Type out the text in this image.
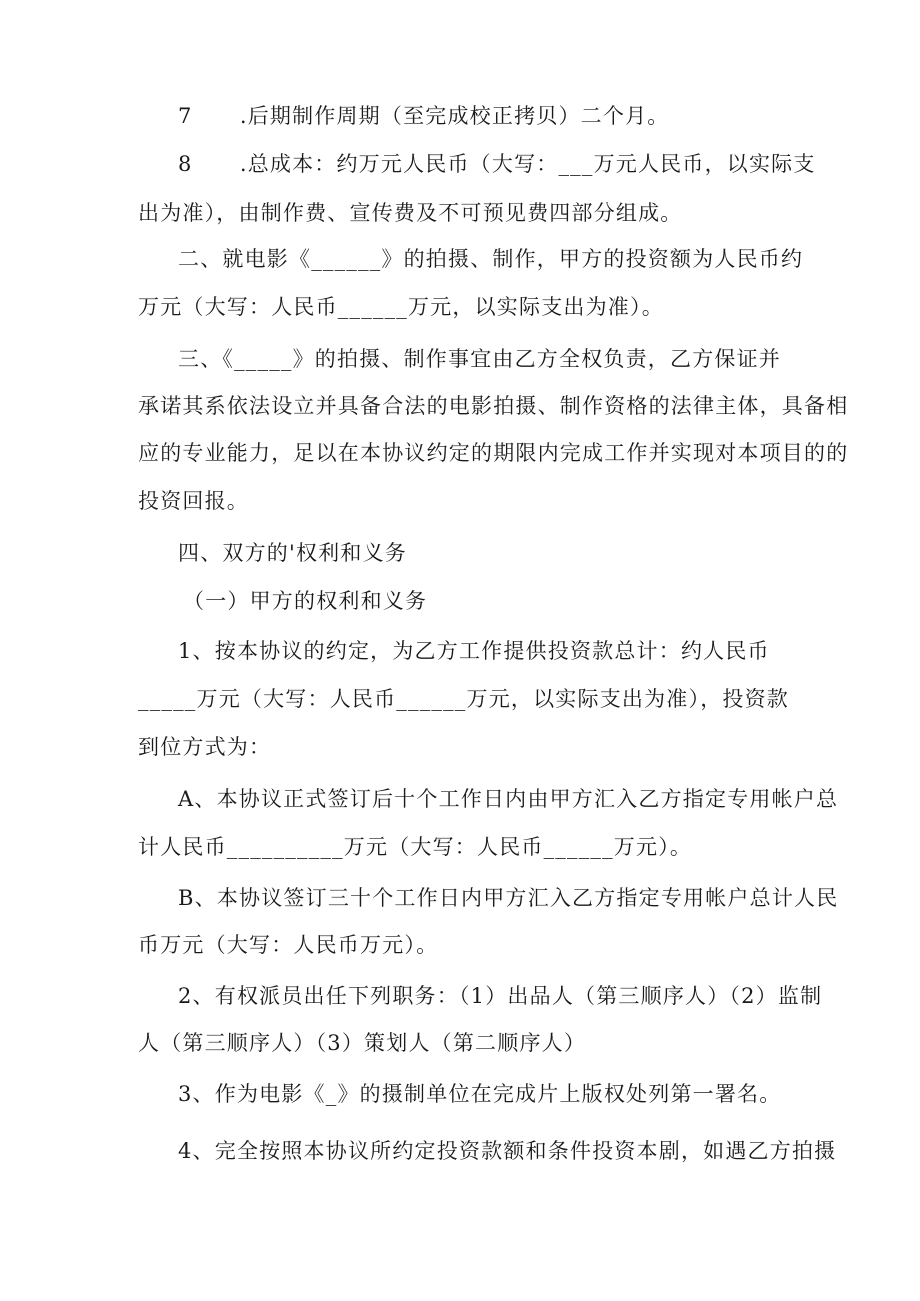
7      .后期制作周期（至完成校正拷贝）二个月。
8      .总成本：约万元人民币（大写：___万元人民币，以实际支
出为准），由制作费、宣传费及不可预见费四部分组成。
二、就电影《______》的拍摄、制作，甲方的投资额为人民币约
万元（大写：人民币______万元，以实际支出为准）。
三、《_____》的拍摄、制作事宜由乙方全权负责，乙方保证并
承诺其系依法设立并具备合法的电影拍摄、制作资格的法律主体，具备相
应的专业能力，足以在本协议约定的期限内完成工作并实现对本项目的的
投资回报。
四、双方的'权利和义务
（一）甲方的权利和义务
1、按本协议的约定，为乙方工作提供投资款总计：约人民币
_____万元（大写：人民币______万元，以实际支出为准），投资款
到位方式为：
A、本协议正式签订后十个工作日内由甲方汇入乙方指定专用帐户总
计人民币__________万元（大写：人民币______万元）。
B、本协议签订三十个工作日内甲方汇入乙方指定专用帐户总计人民
币万元（大写：人民币万元）。
2、有权派员出任下列职务：（1）出品人（第三顺序人）（2）监制
人（第三顺序人）（3）策划人（第二顺序人）
3、作为电影《_》的摄制单位在完成片上版权处列第一署名。
4、完全按照本协议所约定投资款额和条件投资本剧，如遇乙方拍摄
